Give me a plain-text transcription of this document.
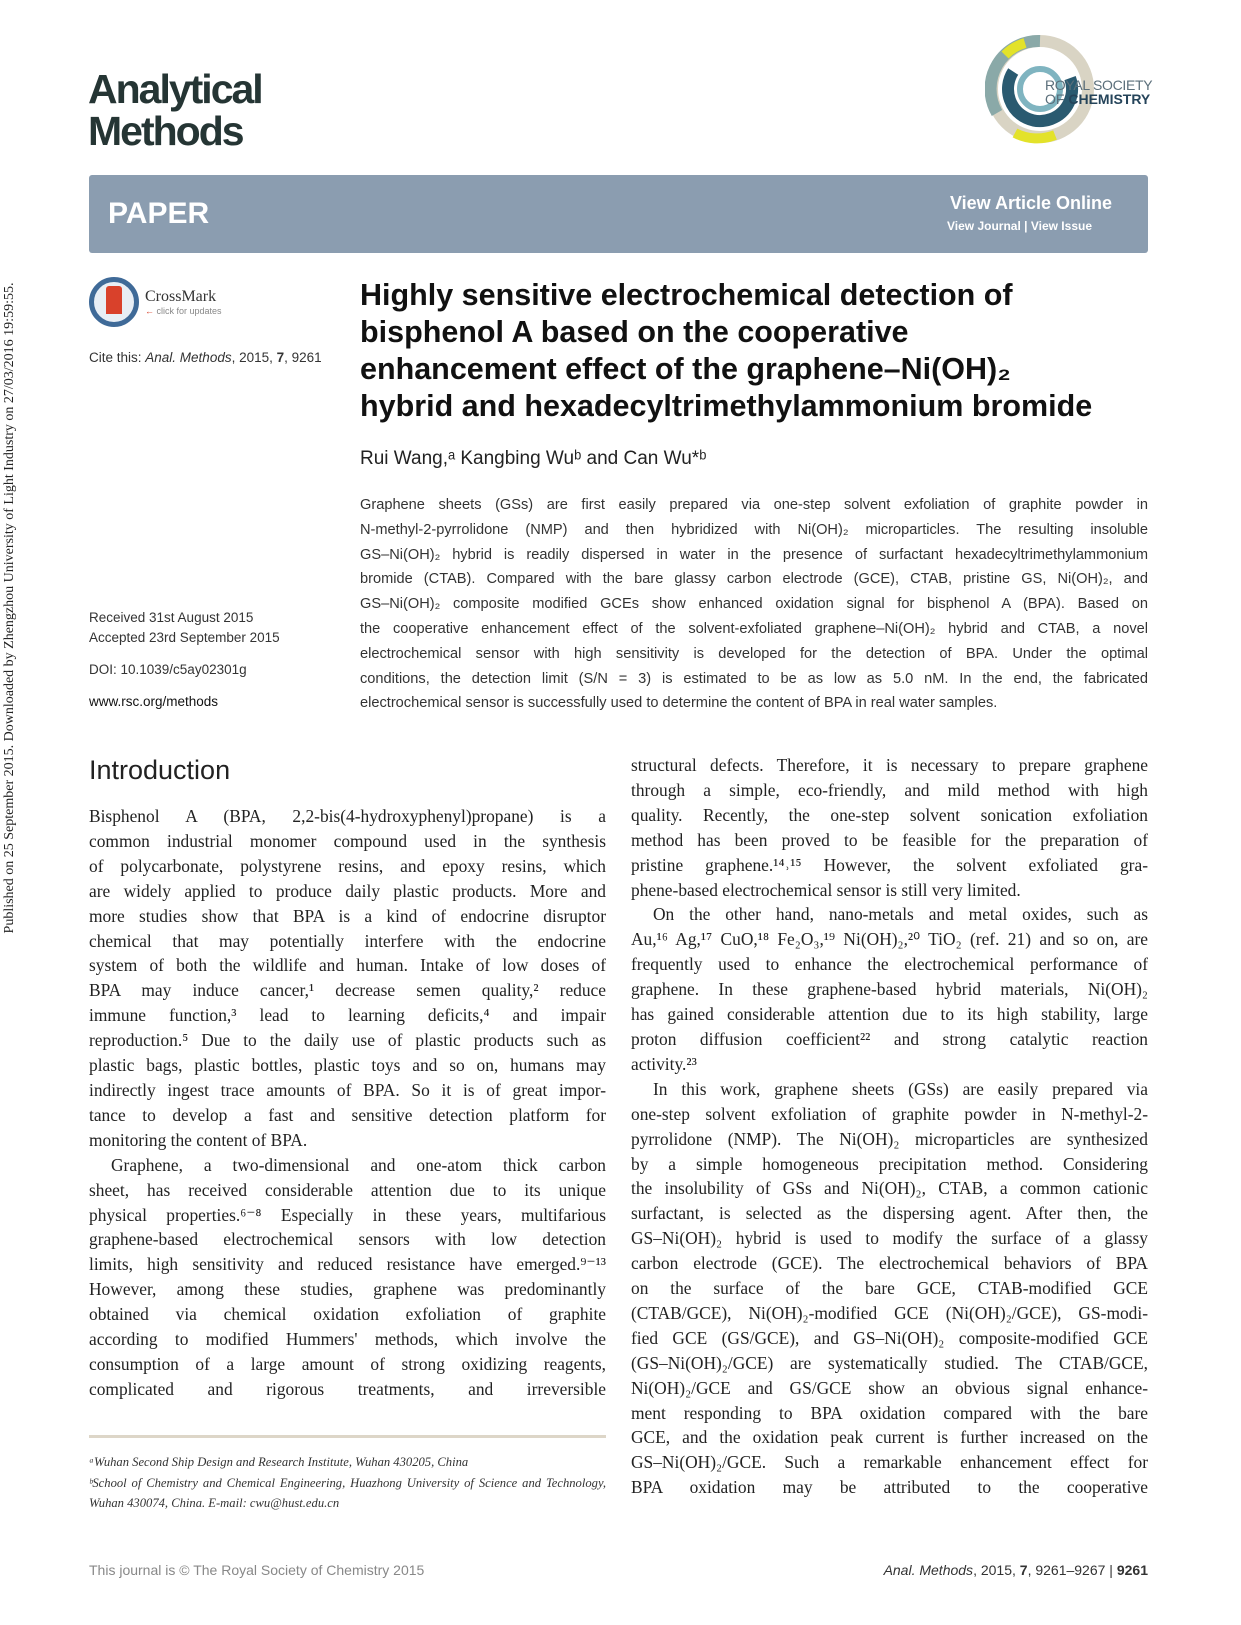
Published on 25 September 2015. Downloaded by Zhengzhou University of Light Industry on 27/03/2016 19:59:55.
Analytical
Methods
ROYAL SOCIETY
OF CHEMISTRY
PAPER	View Article Online
View Journal | View Issue
CrossMark
← click for updates
Cite this: Anal. Methods, 2015, 7, 9261
Received 31st August 2015
Accepted 23rd September 2015
DOI: 10.1039/c5ay02301g
www.rsc.org/methods
Highly sensitive electrochemical detection of
bisphenol A based on the cooperative
enhancement effect of the graphene–Ni(OH)₂
hybrid and hexadecyltrimethylammonium bromide
Rui Wang,ᵃ Kangbing Wuᵇ and Can Wu*ᵇ
Graphene sheets (GSs) are first easily prepared via one-step solvent exfoliation of graphite powder in
N-methyl-2-pyrrolidone (NMP) and then hybridized with Ni(OH)₂ microparticles. The resulting insoluble
GS–Ni(OH)₂ hybrid is readily dispersed in water in the presence of surfactant hexadecyltrimethylammonium
bromide (CTAB). Compared with the bare glassy carbon electrode (GCE), CTAB, pristine GS, Ni(OH)₂, and
GS–Ni(OH)₂ composite modified GCEs show enhanced oxidation signal for bisphenol A (BPA). Based on
the cooperative enhancement effect of the solvent-exfoliated graphene–Ni(OH)₂ hybrid and CTAB, a novel
electrochemical sensor with high sensitivity is developed for the detection of BPA. Under the optimal
conditions, the detection limit (S/N = 3) is estimated to be as low as 5.0 nM. In the end, the fabricated
electrochemical sensor is successfully used to determine the content of BPA in real water samples.
Introduction
Bisphenol A (BPA, 2,2-bis(4-hydroxyphenyl)propane) is a
common industrial monomer compound used in the synthesis
of polycarbonate, polystyrene resins, and epoxy resins, which
are widely applied to produce daily plastic products. More and
more studies show that BPA is a kind of endocrine disruptor
chemical that may potentially interfere with the endocrine
system of both the wildlife and human. Intake of low doses of
BPA may induce cancer,¹ decrease semen quality,² reduce
immune function,³ lead to learning deficits,⁴ and impair
reproduction.⁵ Due to the daily use of plastic products such as
plastic bags, plastic bottles, plastic toys and so on, humans may
indirectly ingest trace amounts of BPA. So it is of great impor-
tance to develop a fast and sensitive detection platform for
monitoring the content of BPA.
Graphene, a two-dimensional and one-atom thick carbon
sheet, has received considerable attention due to its unique
physical properties.⁶⁻⁸ Especially in these years, multifarious
graphene-based electrochemical sensors with low detection
limits, high sensitivity and reduced resistance have emerged.⁹⁻¹³
However, among these studies, graphene was predominantly
obtained via chemical oxidation exfoliation of graphite
according to modified Hummers' methods, which involve the
consumption of a large amount of strong oxidizing reagents,
complicated and rigorous treatments, and irreversible
structural defects. Therefore, it is necessary to prepare graphene
through a simple, eco-friendly, and mild method with high
quality. Recently, the one-step solvent sonication exfoliation
method has been proved to be feasible for the preparation of
pristine graphene.¹⁴˒¹⁵ However, the solvent exfoliated gra-
phene-based electrochemical sensor is still very limited.
On the other hand, nano-metals and metal oxides, such as
Au,¹⁶ Ag,¹⁷ CuO,¹⁸ Fe₂O₃,¹⁹ Ni(OH)₂,²⁰ TiO₂ (ref. 21) and so on, are
frequently used to enhance the electrochemical performance of
graphene. In these graphene-based hybrid materials, Ni(OH)₂
has gained considerable attention due to its high stability, large
proton diffusion coefficient²² and strong catalytic reaction
activity.²³
In this work, graphene sheets (GSs) are easily prepared via
one-step solvent exfoliation of graphite powder in N-methyl-2-
pyrrolidone (NMP). The Ni(OH)₂ microparticles are synthesized
by a simple homogeneous precipitation method. Considering
the insolubility of GSs and Ni(OH)₂, CTAB, a common cationic
surfactant, is selected as the dispersing agent. After then, the
GS–Ni(OH)₂ hybrid is used to modify the surface of a glassy
carbon electrode (GCE). The electrochemical behaviors of BPA
on the surface of the bare GCE, CTAB-modified GCE
(CTAB/GCE), Ni(OH)₂-modified GCE (Ni(OH)₂/GCE), GS-modi-
fied GCE (GS/GCE), and GS–Ni(OH)₂ composite-modified GCE
(GS–Ni(OH)₂/GCE) are systematically studied. The CTAB/GCE,
Ni(OH)₂/GCE and GS/GCE show an obvious signal enhance-
ment responding to BPA oxidation compared with the bare
GCE, and the oxidation peak current is further increased on the
GS–Ni(OH)₂/GCE. Such a remarkable enhancement effect for
BPA oxidation may be attributed to the cooperative
ᵃWuhan Second Ship Design and Research Institute, Wuhan 430205, China
ᵇSchool of Chemistry and Chemical Engineering, Huazhong University of Science and Technology, Wuhan 430074, China. E-mail: cwu@hust.edu.cn
This journal is © The Royal Society of Chemistry 2015	Anal. Methods, 2015, 7, 9261–9267 | 9261
